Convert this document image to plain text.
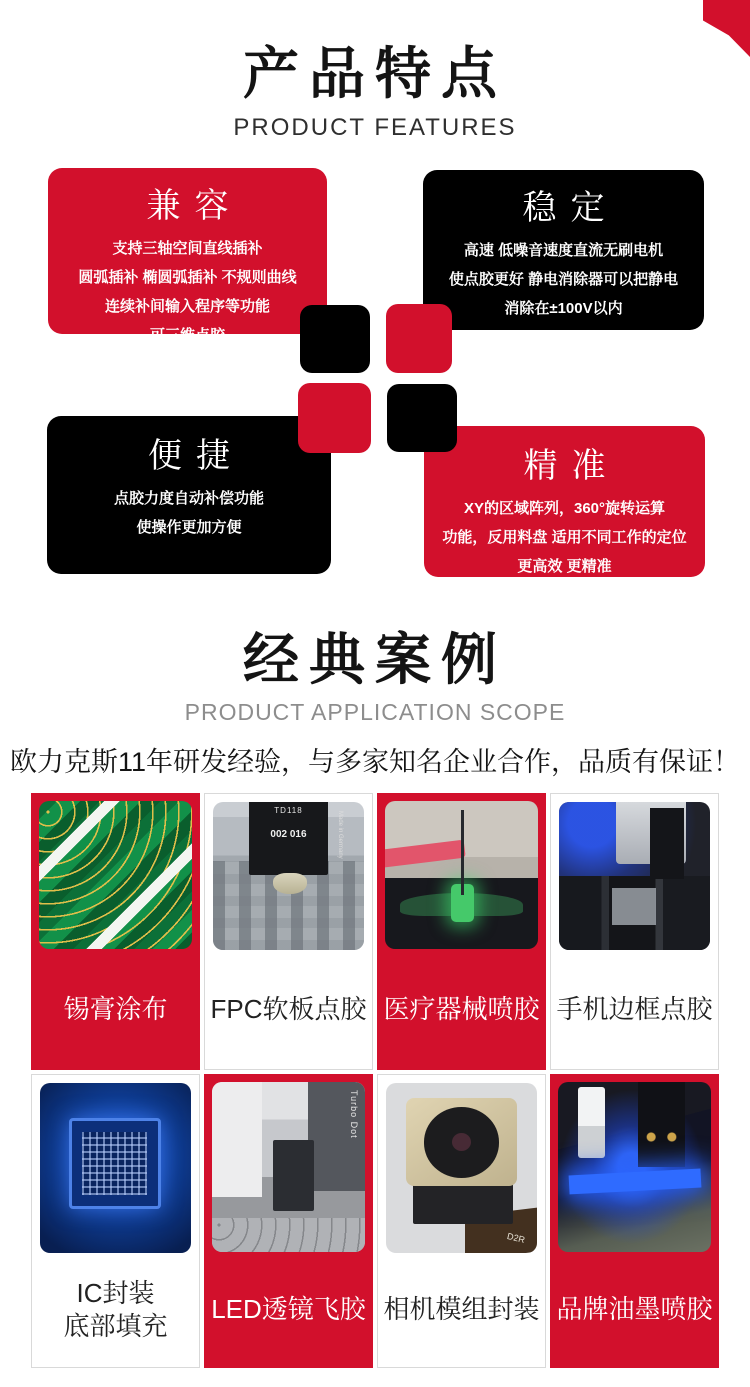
产品特点
PRODUCT FEATURES
兼容
支持三轴空间直线插补
圆弧插补 椭圆弧插补 不规则曲线
连续补间输入程序等功能
可三维点胶
稳定
高速 低噪音速度直流无刷电机
使点胶更好 静电消除器可以把静电
消除在±100V以内
便捷
点胶力度自动补偿功能
使操作更加方便
精准
XY的区域阵列，360°旋转运算
功能，反用料盘 适用不同工作的定位
更高效 更精准
经典案例
PRODUCT APPLICATION SCOPE
欧力克斯11年研发经验，与多家知名企业合作，品质有保证！
锡膏涂布
TD118
002 016	Made in Germany
FPC软板点胶 医疗器械喷胶 手机边框点胶
IC封装
底部填充
Turbo Dot
LED透镜飞胶
D2R
相机模组封装 品牌油墨喷胶
